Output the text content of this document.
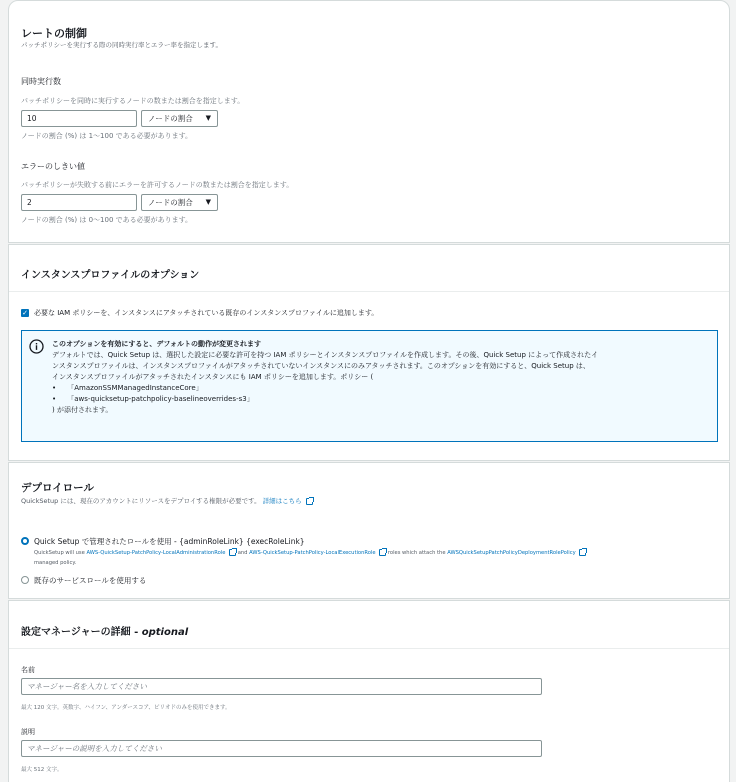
レートの制御
パッチポリシーを実行する際の同時実行率とエラー率を指定します。
同時実行数
パッチポリシーを同時に実行するノードの数または割合を指定します。
10	ノードの割合 ▼
ノードの割合 (%) は 1〜100 である必要があります。
エラーのしきい値
パッチポリシーが失敗する前にエラーを許可するノードの数または割合を指定します。
2	ノードの割合 ▼
ノードの割合 (%) は 0〜100 である必要があります。
インスタンスプロファイルのオプション
✓ 必要な IAM ポリシーを、インスタンスにアタッチされている既存のインスタンスプロファイルに追加します。
このオプションを有効にすると、デフォルトの動作が変更されます
デフォルトでは、Quick Setup は、選択した設定に必要な許可を持つ IAM ポリシーとインスタンスプロファイルを作成します。その後、Quick Setup によって作成されたイ
ンスタンスプロファイルは、インスタンスプロファイルがアタッチされていないインスタンスにのみアタッチされます。このオプションを有効にすると、Quick Setup は、
インスタンスプロファイルがアタッチされたインスタンスにも IAM ポリシーを追加します。ポリシー (
•     「AmazonSSMManagedInstanceCore」
•     「aws-quicksetup-patchpolicy-baselineoverrides-s3」
) が添付されます。
デプロイロール
QuickSetup には、現在のアカウントにリソースをデプロイする権限が必要です。 詳細はこちら
Quick Setup で管理されたロールを使用 - {adminRoleLink} {execRoleLink}
QuickSetup will use AWS-QuickSetup-PatchPolicy-LocalAdministrationRole and AWS-QuickSetup-PatchPolicy-LocalExecutionRole roles which attach the AWSQuickSetupPatchPolicyDeploymentRolePolicy
managed policy.
既存のサービスロールを使用する
設定マネージャーの詳細 - optional
名前
マネージャー名を入力してください
最大 120 文字。英数字、ハイフン、アンダースコア、ピリオドのみを使用できます。
説明
マネージャーの説明を入力してください
最大 512 文字。
